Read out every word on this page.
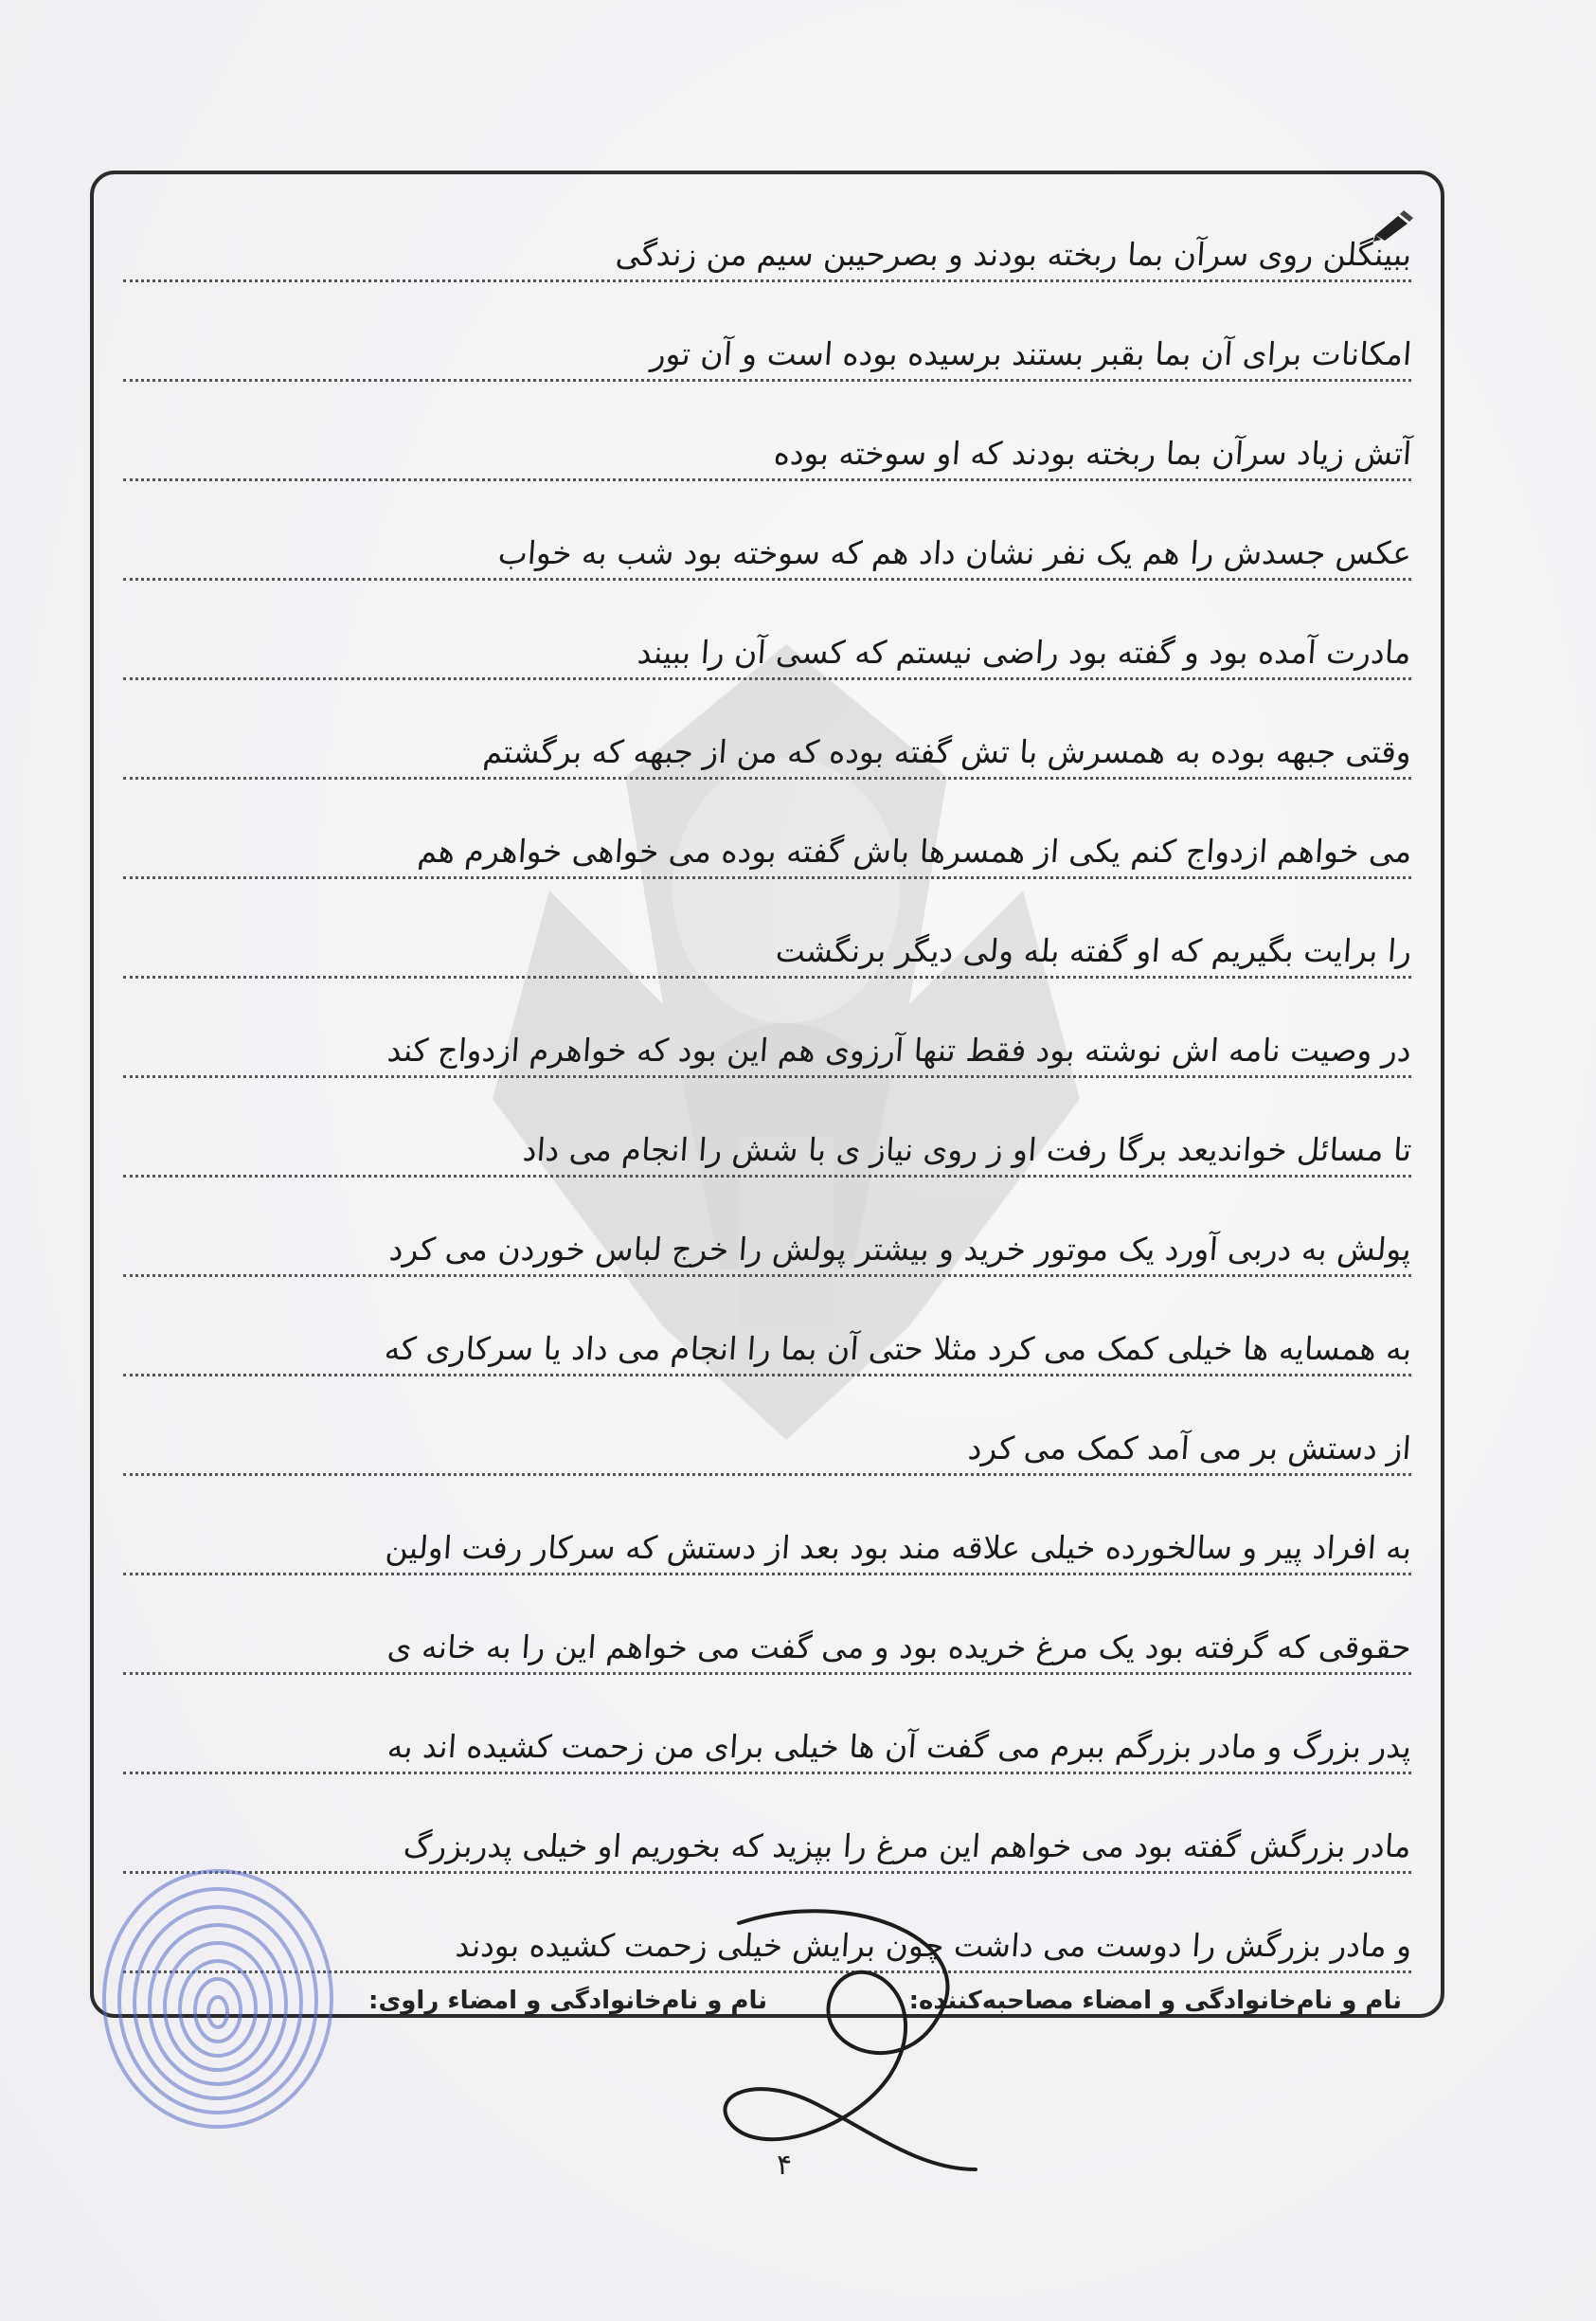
ببینگلن روی سرآن بما ربخته بودند و بصرحیبن سیم من زندگی
امکانات برای آن بما بقبر بستند برسیده بوده است و آن تور
آتش زیاد سرآن بما ربخته بودند که او سوخته بوده
عکس جسدش را هم یک نفر نشان داد هم که سوخته بود شب به خواب
مادرت آمده بود و گفته بود راضی نیستم که کسی آن را ببیند
وقتی جبهه بوده به همسرش با تش گفته بوده که من از جبهه که برگشتم
می خواهم ازدواج کنم یکی از همسرها باش گفته بوده می خواهی خواهرم هم
را برایت بگیریم که او گفته بله ولی دیگر برنگشت
در وصیت نامه اش نوشته بود فقط تنها آرزوی هم این بود که خواهرم ازدواج کند
تا مسائل خواندیعد برگا رفت او ز روی نیاز ی با شش را انجام می داد
پولش به دربی آورد یک موتور خرید و بیشتر پولش را خرج لباس خوردن می کرد
به همسایه ها خیلی کمک می کرد مثلا حتی آن بما را انجام می داد یا سرکاری که
از دستش بر می آمد کمک می کرد
به افراد پیر و سالخورده خیلی علاقه مند بود بعد از دستش که سرکار رفت اولین
حقوقی که گرفته بود یک مرغ خریده بود و می گفت می خواهم این را به خانه ی
پدر بزرگ و مادر بزرگم ببرم می گفت آن ها خیلی برای من زحمت کشیده اند به
مادر بزرگش گفته بود می خواهم این مرغ را بپزید که بخوریم او خیلی پدربزرگ
و مادر بزرگش را دوست می داشت چون برایش خیلی زحمت کشیده بودند
نام و نام‌خانوادگی و امضاء مصاحبه‌کننده:
نام و نام‌خانوادگی و امضاء راوی:
۴
